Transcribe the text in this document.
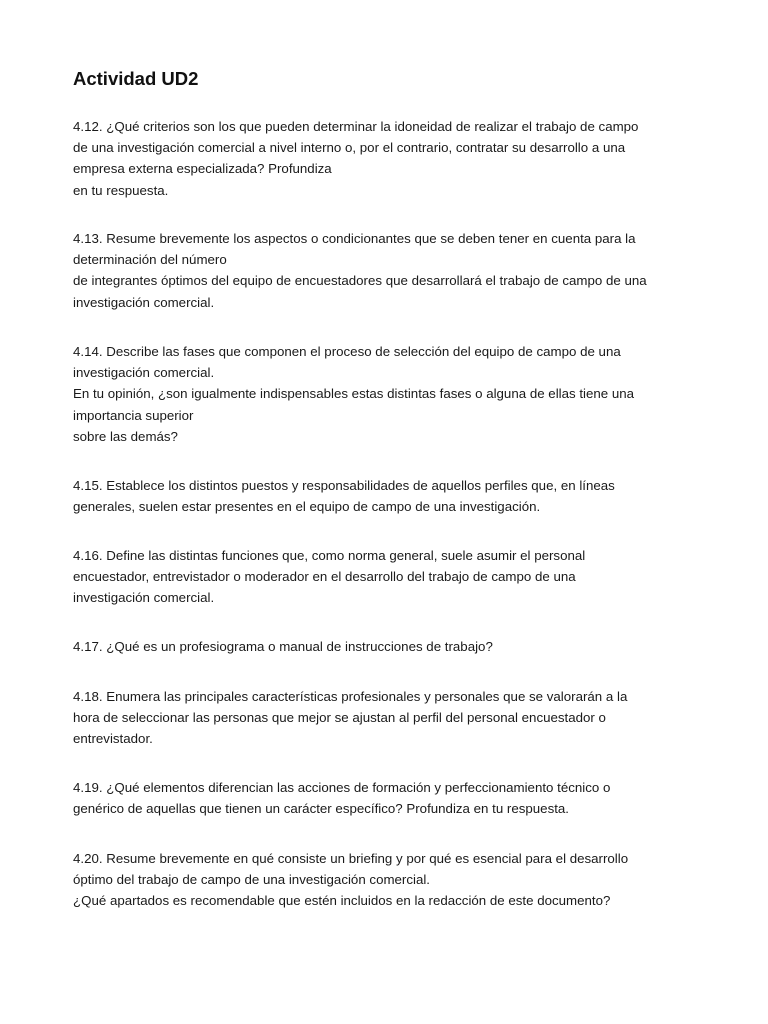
Actividad UD2
4.12. ¿Qué criterios son los que pueden determinar la idoneidad de realizar el trabajo de campo
de una investigación comercial a nivel interno o, por el contrario, contratar su desarrollo a una
empresa externa especializada? Profundiza
en tu respuesta.
4.13. Resume brevemente los aspectos o condicionantes que se deben tener en cuenta para la
determinación del número
de integrantes óptimos del equipo de encuestadores que desarrollará el trabajo de campo de una
investigación comercial.
4.14. Describe las fases que componen el proceso de selección del equipo de campo de una
investigación comercial.
En tu opinión, ¿son igualmente indispensables estas distintas fases o alguna de ellas tiene una
importancia superior
sobre las demás?
4.15. Establece los distintos puestos y responsabilidades de aquellos perfiles que, en líneas
generales, suelen estar presentes en el equipo de campo de una investigación.
4.16. Define las distintas funciones que, como norma general, suele asumir el personal
encuestador, entrevistador o moderador en el desarrollo del trabajo de campo de una
investigación comercial.
4.17. ¿Qué es un profesiograma o manual de instrucciones de trabajo?
4.18. Enumera las principales características profesionales y personales que se valorarán a la
hora de seleccionar las personas que mejor se ajustan al perfil del personal encuestador o
entrevistador.
4.19. ¿Qué elementos diferencian las acciones de formación y perfeccionamiento técnico o
genérico de aquellas que tienen un carácter específico? Profundiza en tu respuesta.
4.20. Resume brevemente en qué consiste un briefing y por qué es esencial para el desarrollo
óptimo del trabajo de campo de una investigación comercial.
¿Qué apartados es recomendable que estén incluidos en la redacción de este documento?
